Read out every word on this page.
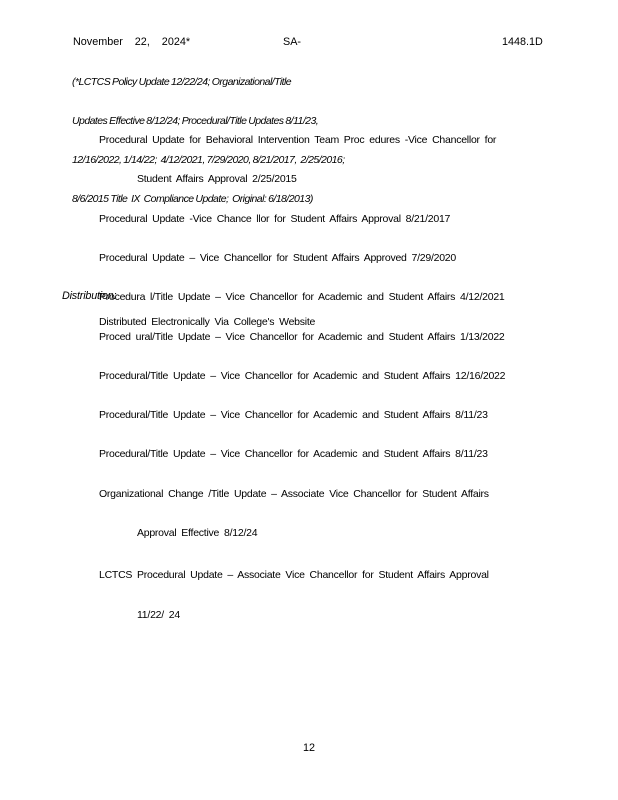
November  22,  2024*

	SA-

	1448.1D

(*LCTCS Policy Update 12/22/24; Organizational/Title

Updates Effective 8/12/24; Procedural/Title Updates 8/11/23,

12/16/2022, 1/14/22;  4/12/2021, 7/29/2020, 8/21/2017,  2/25/2016;

8/6/2015 Title  IX  Compliance Update;  Original: 6/18/2013)

Procedural Update for Behavioral Intervention Team Proc edures -Vice Chancellor for

Student Affairs Approval 2/25/2015

Procedural Update -Vice Chance llor for Student Affairs Approval 8/21/2017

Procedural Update – Vice Chancellor for Student Affairs Approved 7/29/2020

Procedura l/Title Update – Vice Chancellor for Academic and Student Affairs 4/12/2021

Proced ural/Title Update – Vice Chancellor for Academic and Student Affairs 1/13/2022

Procedural/Title Update – Vice Chancellor for Academic and Student Affairs 12/16/2022

Procedural/Title Update – Vice Chancellor for Academic and Student Affairs 8/11/23

Procedural/Title Update – Vice Chancellor for Academic and Student Affairs 8/11/23

Organizational Change /Title Update – Associate Vice Chancellor for Student Affairs

Approval Effective 8/12/24

LCTCS Procedural Update – Associate Vice Chancellor for Student Affairs Approval

11/22/ 24

Distribution:
Distributed Electronically Via College's Website
12
